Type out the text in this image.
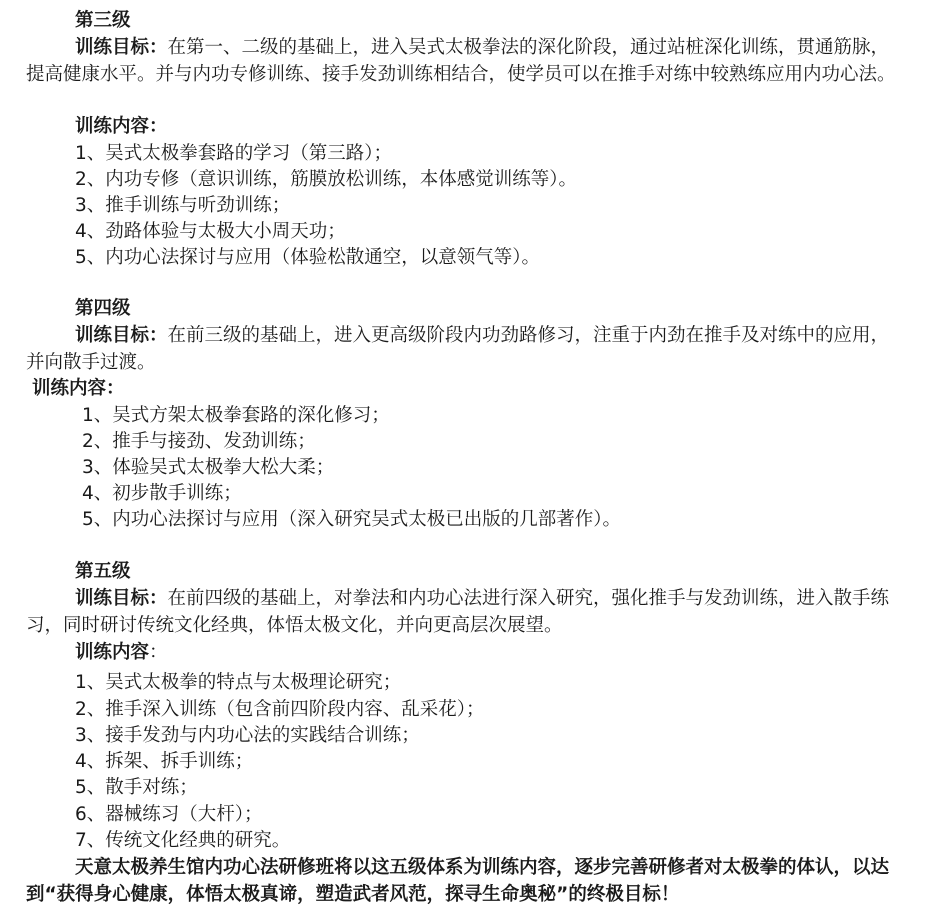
第三级
训练目标：在第一、二级的基础上，进入吴式太极拳法的深化阶段，通过站桩深化训练，贯通筋脉，提高健康水平。并与内功专修训练、接手发劲训练相结合，使学员可以在推手对练中较熟练应用内功心法。
训练内容：
1、吴式太极拳套路的学习（第三路）；
2、内功专修（意识训练，筋膜放松训练，本体感觉训练等）。
3、推手训练与听劲训练；
4、劲路体验与太极大小周天功；
5、内功心法探讨与应用（体验松散通空，以意领气等）。
第四级
训练目标：在前三级的基础上，进入更高级阶段内功劲路修习，注重于内劲在推手及对练中的应用，并向散手过渡。
训练内容：
1、吴式方架太极拳套路的深化修习；
2、推手与接劲、发劲训练；
3、体验吴式太极拳大松大柔；
4、初步散手训练；
5、内功心法探讨与应用（深入研究吴式太极已出版的几部著作）。
第五级
训练目标：在前四级的基础上，对拳法和内功心法进行深入研究，强化推手与发劲训练，进入散手练习，同时研讨传统文化经典，体悟太极文化，并向更高层次展望。
训练内容：
1、吴式太极拳的特点与太极理论研究；
2、推手深入训练（包含前四阶段内容、乱采花）；
3、接手发劲与内功心法的实践结合训练；
4、拆架、拆手训练；
5、散手对练；
6、器械练习（大杆）；
7、传统文化经典的研究。
天意太极养生馆内功心法研修班将以这五级体系为训练内容，逐步完善研修者对太极拳的体认，以达到“获得身心健康，体悟太极真谛，塑造武者风范，探寻生命奥秘”的终极目标！
